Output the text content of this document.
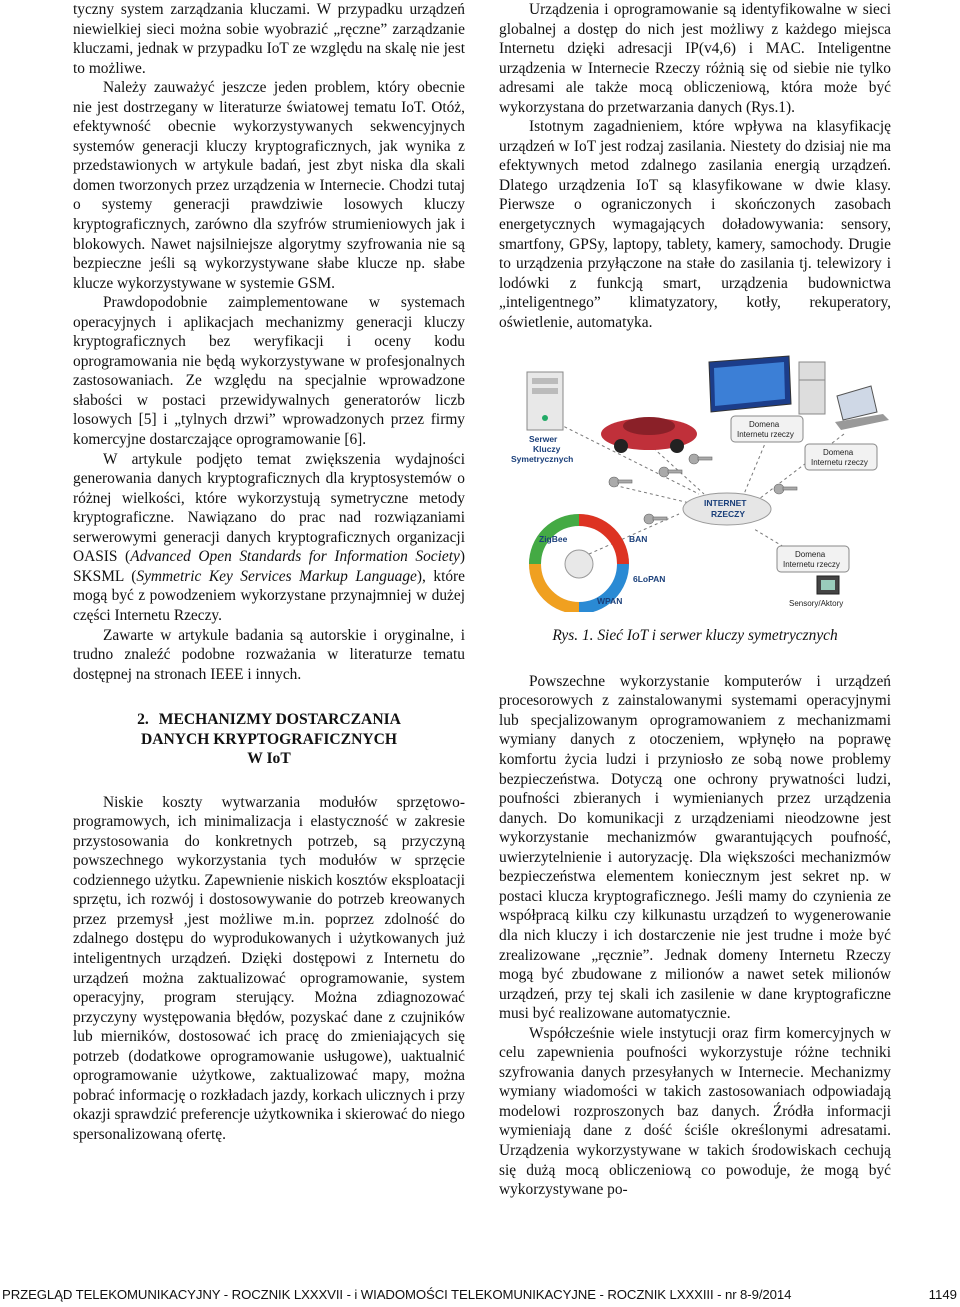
tyczny system zarządzania kluczami. W przypadku urządzeń niewielkiej sieci można sobie wyobrazić „ręczne” zarządzanie kluczami, jednak w przypadku IoT ze względu na skalę nie jest to możliwe.

Należy zauważyć jeszcze jeden problem, który obecnie nie jest dostrzegany w literaturze światowej tematu IoT. Otóż, efektywność obecnie wykorzystywanych sekwencyjnych systemów generacji kluczy kryptograficznych, jak wynika z przedstawionych w artykule badań, jest zbyt niska dla skali domen tworzonych przez urządzenia w Internecie. Chodzi tutaj o systemy generacji prawdziwie losowych kluczy kryptograficznych, zarówno dla szyfrów strumieniowych jak i blokowych. Nawet najsilniejsze algorytmy szyfrowania nie są bezpieczne jeśli są wykorzystywane słabe klucze np. słabe klucze wykorzystywane w systemie GSM.

Prawdopodobnie zaimplementowane w systemach operacyjnych i aplikacjach mechanizmy generacji kluczy kryptograficznych bez weryfikacji i oceny kodu oprogramowania nie będą wykorzystywane w profesjonalnych zastosowaniach. Ze względu na specjalnie wprowadzone słabości w postaci przewidywalnych generatorów liczb losowych [5] i „tylnych drzwi” wprowadzonych przez firmy komercyjne dostarczające oprogramowanie [6].

W artykule podjęto temat zwiększenia wydajności generowania danych kryptograficznych dla kryptosystemów o różnej wielkości, które wykorzystują symetryczne metody kryptograficzne. Nawiązano do prac nad rozwiązaniami serwerowymi generacji danych kryptograficznych organizacji OASIS (Advanced Open Standards for Information Society) SKSML (Symmetric Key Services Markup Language), które mogą być z powodzeniem wykorzystane przynajmniej w dużej części Internetu Rzeczy.

Zawarte w artykule badania są autorskie i oryginalne, i trudno znaleźć podobne rozważania w literaturze tematu dostępnej na stronach IEEE i innych.

2. MECHANIZMY DOSTARCZANIA
DANYCH KRYPTOGRAFICZNYCH
W IoT

Niskie koszty wytwarzania modułów sprzętowo-programowych, ich minimalizacja i elastyczność w zakresie przystosowania do konkretnych potrzeb, są przyczyną powszechnego wykorzystania tych modułów w sprzęcie codziennego użytku. Zapewnienie niskich kosztów eksploatacji sprzętu, ich rozwój i dostosowywanie do potrzeb kreowanych przez przemysł ,jest możliwe m.in. poprzez zdolność do zdalnego dostępu do wyprodukowanych i użytkowanych już inteligentnych urządzeń. Dzięki dostępowi z Internetu do urządzeń można zaktualizować oprogramowanie, system operacyjny, program sterujący. Można zdiagnozować przyczyny występowania błędów, pozyskać dane z czujników lub mierników, dostosować ich pracę do zmieniających się potrzeb (dodatkowe oprogramowanie usługowe), uaktualnić oprogramowanie użytkowe, zaktualizować mapy, można pobrać informację o rozkładach jazdy, korkach ulicznych i przy okazji sprawdzić preferencje użytkownika i skierować do niego spersonalizowaną ofertę.

Urządzenia i oprogramowanie są identyfikowalne w sieci globalnej a dostęp do nich jest możliwy z każdego miejsca Internetu dzięki adresacji IP(v4,6) i MAC. Inteligentne urządzenia w Internecie Rzeczy różnią się od siebie nie tylko adresami ale także mocą obliczeniową, która może być wykorzystana do przetwarzania danych (Rys.1).

Istotnym zagadnieniem, które wpływa na klasyfikację urządzeń w IoT jest rodzaj zasilania. Niestety do dzisiaj nie ma efektywnych metod zdalnego zasilania energią urządzeń. Dlatego urządzenia IoT są klasyfikowane w dwie klasy. Pierwsze o ograniczonych i skończonych zasobach energetycznych wymagających doładowywania: sensory, smartfony, GPSy, laptopy, tablety, kamery, samochody. Drugie to urządzenia przyłączone na stałe do zasilania tj. telewizory i lodówki z funkcją smart, urządzenia budownictwa „inteligentnego” klimatyzatory, kotły, rekuperatory, oświetlenie, automatyka.

Serwer
Kluczy
Symetrycznych
Domena
Internetu rzeczy
Domena
Internetu rzeczy
INTERNET
RZECZY
ZigBee	BAN
WPAN
6LoPAN
Domena
Internetu rzeczy
Sensory/Aktory
Rys. 1. Sieć IoT i serwer kluczy symetrycznych

Powszechne wykorzystanie komputerów i urządzeń procesorowych z zainstalowanymi systemami operacyjnymi lub specjalizowanym oprogramowaniem z mechanizmami wymiany danych z otoczeniem, wpłynęło na poprawę komfortu życia ludzi i przyniosło ze sobą nowe problemy bezpieczeństwa. Dotyczą one ochrony prywatności ludzi, poufności zbieranych i wymienianych przez urządzenia danych. Do komunikacji z urządzeniami nieodzowne jest wykorzystanie mechanizmów gwarantujących poufność, uwierzytelnienie i autoryzację. Dla większości mechanizmów bezpieczeństwa elementem koniecznym jest sekret np. w postaci klucza kryptograficznego. Jeśli mamy do czynienia ze współpracą kilku czy kilkunastu urządzeń to wygenerowanie dla nich kluczy i ich dostarczenie nie jest trudne i może być zrealizowane „ręcznie”. Jednak domeny Internetu Rzeczy mogą być zbudowane z milionów a nawet setek milionów urządzeń, przy tej skali ich zasilenie w dane kryptograficzne musi być realizowane automatycznie.

Współcześnie wiele instytucji oraz firm komercyjnych w celu zapewnienia poufności wykorzystuje różne techniki szyfrowania danych przesyłanych w Internecie. Mechanizmy wymiany wiadomości w takich zastosowaniach odpowiadają modelowi rozproszonych baz danych. Źródła informacji wymieniają dane z dość ściśle określonymi adresatami. Urządzenia wykorzystywane w takich środowiskach cechują się dużą mocą obliczeniową co powoduje, że mogą być wykorzystywane po-

PRZEGLĄD TELEKOMUNIKACYJNY - ROCZNIK LXXXVII - i WIADOMOŚCI TELEKOMUNIKACYJNE - ROCZNIK LXXXIII - nr 8-9/2014	1149
